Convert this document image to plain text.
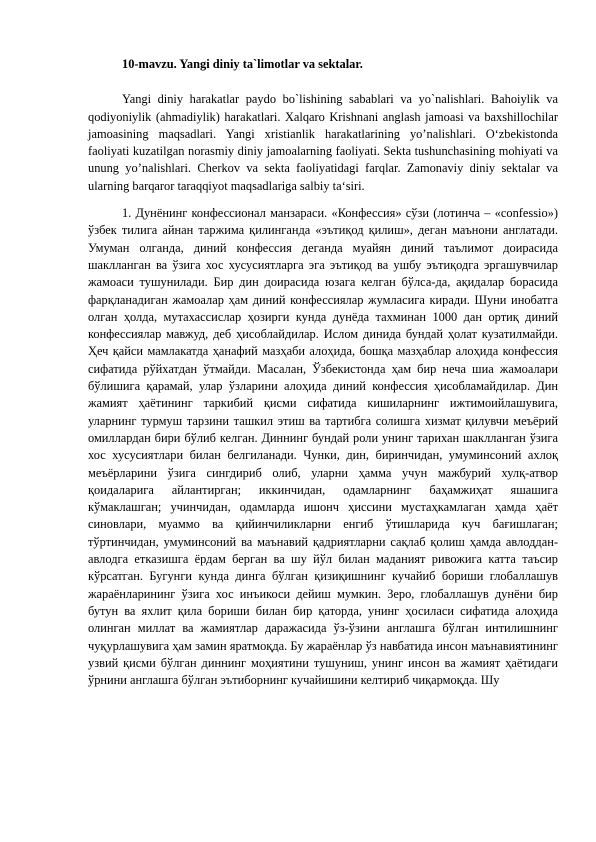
10-mavzu. Yangi diniy ta`limotlar va sektalar.

Yangi diniy harakatlar paydo bo`lishining sabablari va yo`nalishlari. Bahoiylik va qodiyoniylik (ahmadiylik) harakatlari. Xalqaro Krishnani anglash jamoasi va baxshillochilar jamoasining maqsadlari. Yangi xristianlik harakatlarining yo’nalishlari. O‘zbekistonda faoliyati kuzatilgan norasmiy diniy jamoalarning faoliyati. Sekta tushunchasining mohiyati va unung yo’nalishlari. Cherkov va sekta faoliyatidagi farqlar. Zamonaviy diniy sektalar va ularning barqaror taraqqiyot maqsadlariga salbiy ta‘siri.

1. Дунёнинг конфессионал манзараси. «Конфессия» сўзи (лотинча – «confessio») ўзбек тилига айнан таржима қилинганда «эътиқод қилиш», деган маънони англатади. Умуман олганда, диний конфессия деганда муайян диний таълимот доирасида шаклланган ва ўзига хос хусусиятларга эга эътиқод ва ушбу эътиқодга эргашувчилар жамоаси тушунилади. Бир дин доирасида юзага келган бўлса-да, ақидалар борасида фарқланадиган жамоалар ҳам диний конфессиялар жумласига киради. Шуни инобатга олган ҳолда, мутахассислар ҳозирги кунда дунёда тахминан 1000 дан ортиқ диний конфессиялар мавжуд, деб ҳисоблайдилар. Ислом динида бундай ҳолат кузатилмайди. Ҳеч қайси мамлакатда ҳанафий мазҳаби алоҳида, бошқа мазҳаблар алоҳида конфессия сифатида рўйхатдан ўтмайди. Масалан, Ўзбекистонда ҳам бир неча шиа жамоалари бўлишига қарамай, улар ўзларини алоҳида диний конфессия ҳисобламайдилар. Дин жамият ҳаётининг таркибий қисми сифатида кишиларнинг ижтимоийлашувига, уларнинг турмуш тарзини ташкил этиш ва тартибга солишга хизмат қилувчи меъёрий омиллардан бири бўлиб келган. Диннинг бундай роли унинг тарихан шаклланган ўзига хос хусусиятлари билан белгиланади. Чунки, дин, биринчидан, умуминсоний ахлоқ меъёрларини ўзига сингдириб олиб, уларни ҳамма учун мажбурий хулқ-атвор қоидаларига айлантирган; иккинчидан, одамларнинг баҳамжиҳат яшашига кўмаклашган; учинчидан, одамларда ишонч ҳиссини мустаҳкамлаган ҳамда ҳаёт синовлари, муаммо ва қийинчиликларни енгиб ўтишларида куч бағишлаган; тўртинчидан, умуминсоний ва маънавий қадриятларни сақлаб қолиш ҳамда авлоддан-авлодга етказишга ёрдам берган ва шу йўл билан маданият ривожига катта таъсир кўрсатган. Бугунги кунда динга бўлган қизиқишнинг кучайиб бориши глобаллашув жараёнларининг ўзига хос инъикоси дейиш мумкин. Зеро, глобаллашув дунёни бир бутун ва яхлит қила бориши билан бир қаторда, унинг ҳосиласи сифатида алоҳида олинган миллат ва жамиятлар даражасида ўз-ўзини англашга бўлган интилишнинг чуқурлашувига ҳам замин яратмоқда. Бу жараёнлар ўз навбатида инсон маънавиятининг узвий қисми бўлган диннинг моҳиятини тушуниш, унинг инсон ва жамият ҳаётидаги ўрнини англашга бўлган эътиборнинг кучайишини келтириб чиқармоқда. Шу
